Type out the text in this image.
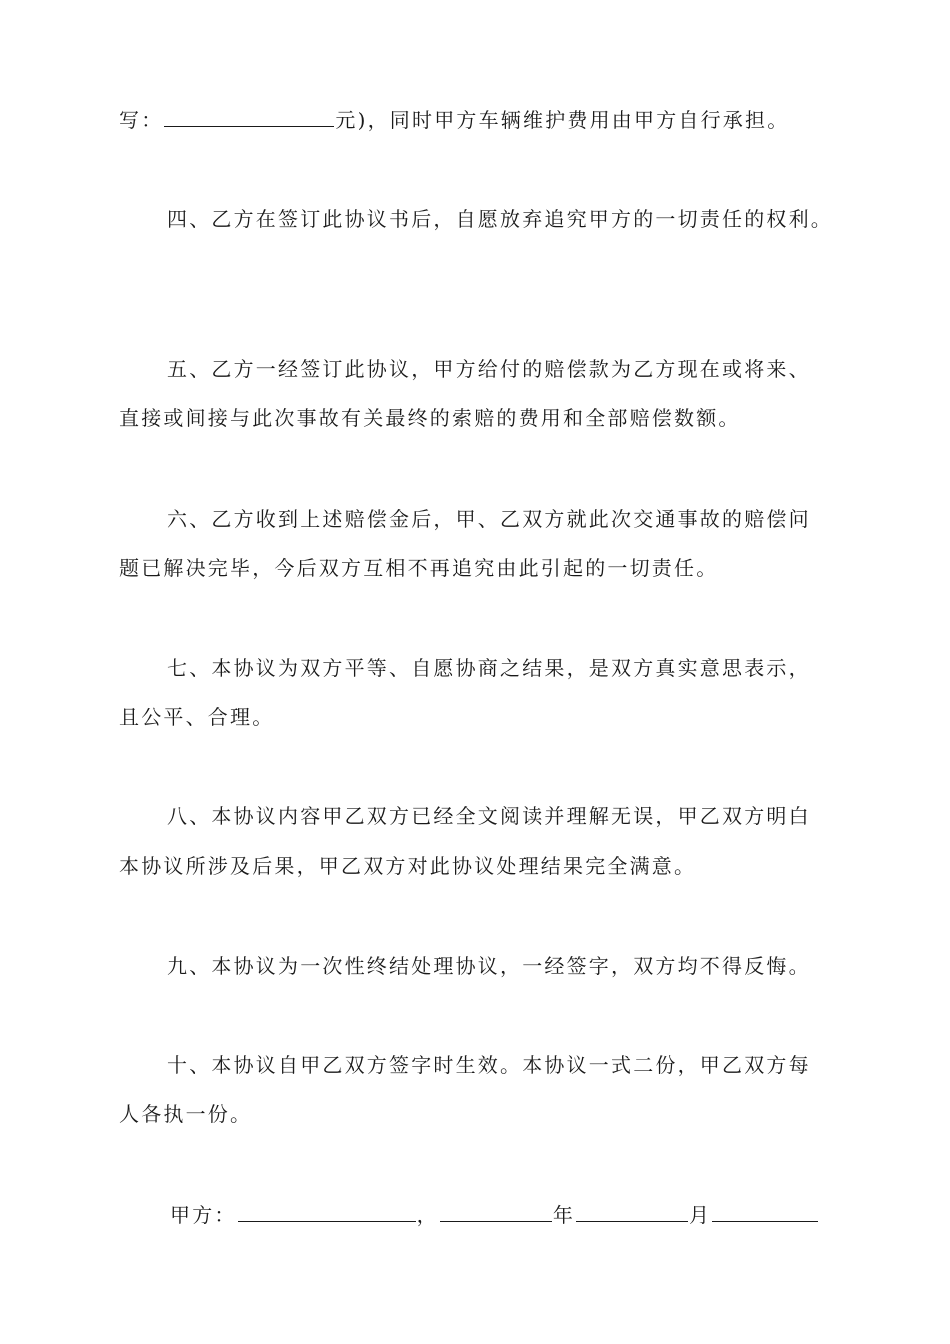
写：	元)，同时甲方车辆维护费用由甲方自行承担。
四、乙方在签订此协议书后，自愿放弃追究甲方的一切责任的权利。
五、乙方一经签订此协议，甲方给付的赔偿款为乙方现在或将来、
直接或间接与此次事故有关最终的索赔的费用和全部赔偿数额。
六、乙方收到上述赔偿金后，甲、乙双方就此次交通事故的赔偿问
题已解决完毕，今后双方互相不再追究由此引起的一切责任。
七、本协议为双方平等、自愿协商之结果，是双方真实意思表示，
且公平、合理。
八、本协议内容甲乙双方已经全文阅读并理解无误，甲乙双方明白
本协议所涉及后果，甲乙双方对此协议处理结果完全满意。
九、本协议为一次性终结处理协议，一经签字，双方均不得反悔。
十、本协议自甲乙双方签字时生效。本协议一式二份，甲乙双方每
人各执一份。
甲方：	，	年	月
